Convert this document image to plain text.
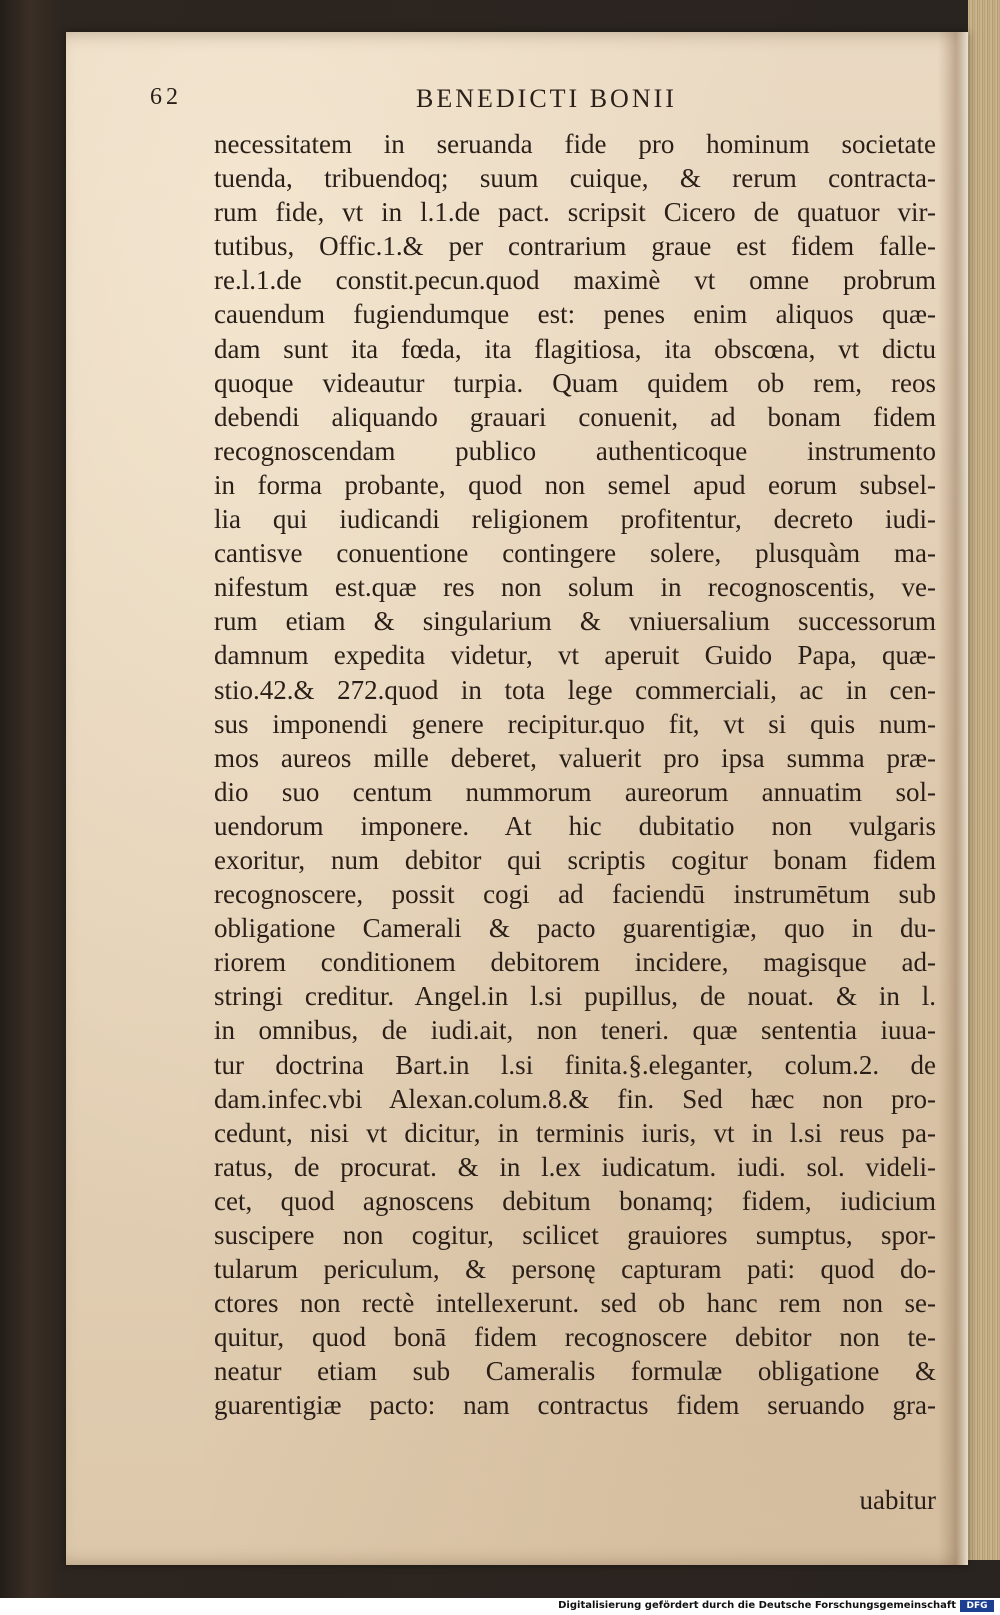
62	BENEDICTI BONII
necessitatem in seruanda fide pro hominum societate
tuenda, tribuendoq; suum cuique, & rerum contracta-
rum fide, vt in l.1.de pact. scripsit Cicero de quatuor vir-
tutibus, Offic.1.& per contrarium graue est fidem falle-
re.l.1.de constit.pecun.quod maximè vt omne probrum
cauendum fugiendumque est: penes enim aliquos quæ-
dam sunt ita fœda, ita flagitiosa, ita obscœna, vt dictu
quoque videautur turpia. Quam quidem ob rem, reos
debendi aliquando grauari conuenit, ad bonam fidem
recognoscendam publico authenticoque instrumento
in forma probante, quod non semel apud eorum subsel-
lia qui iudicandi religionem profitentur, decreto iudi-
cantisve conuentione contingere solere, plusquàm ma-
nifestum est.quæ res non solum in recognoscentis, ve-
rum etiam & singularium & vniuersalium successorum
damnum expedita videtur, vt aperuit Guido Papa, quæ-
stio.42.& 272.quod in tota lege commerciali, ac in cen-
sus imponendi genere recipitur.quo fit, vt si quis num-
mos aureos mille deberet, valuerit pro ipsa summa præ-
dio suo centum nummorum aureorum annuatim sol-
uendorum imponere. At hic dubitatio non vulgaris
exoritur, num debitor qui scriptis cogitur bonam fidem
recognoscere, possit cogi ad faciendū instrumētum sub
obligatione Camerali & pacto guarentigiæ, quo in du-
riorem conditionem debitorem incidere, magisque ad-
stringi creditur. Angel.in l.si pupillus, de nouat. & in l.
in omnibus, de iudi.ait, non teneri. quæ sententia iuua-
tur doctrina Bart.in l.si finita.§.eleganter, colum.2. de
dam.infec.vbi Alexan.colum.8.& fin. Sed hæc non pro-
cedunt, nisi vt dicitur, in terminis iuris, vt in l.si reus pa-
ratus, de procurat. & in l.ex iudicatum. iudi. sol. videli-
cet, quod agnoscens debitum bonamq; fidem, iudicium
suscipere non cogitur, scilicet grauiores sumptus, spor-
tularum periculum, & personę capturam pati: quod do-
ctores non rectè intellexerunt. sed ob hanc rem non se-
quitur, quod bonā fidem recognoscere debitor non te-
neatur etiam sub Cameralis formulæ obligatione &
guarentigiæ pacto: nam contractus fidem seruando gra-
uabitur
Digitalisierung gefördert durch die Deutsche Forschungsgemeinschaft	DFG
